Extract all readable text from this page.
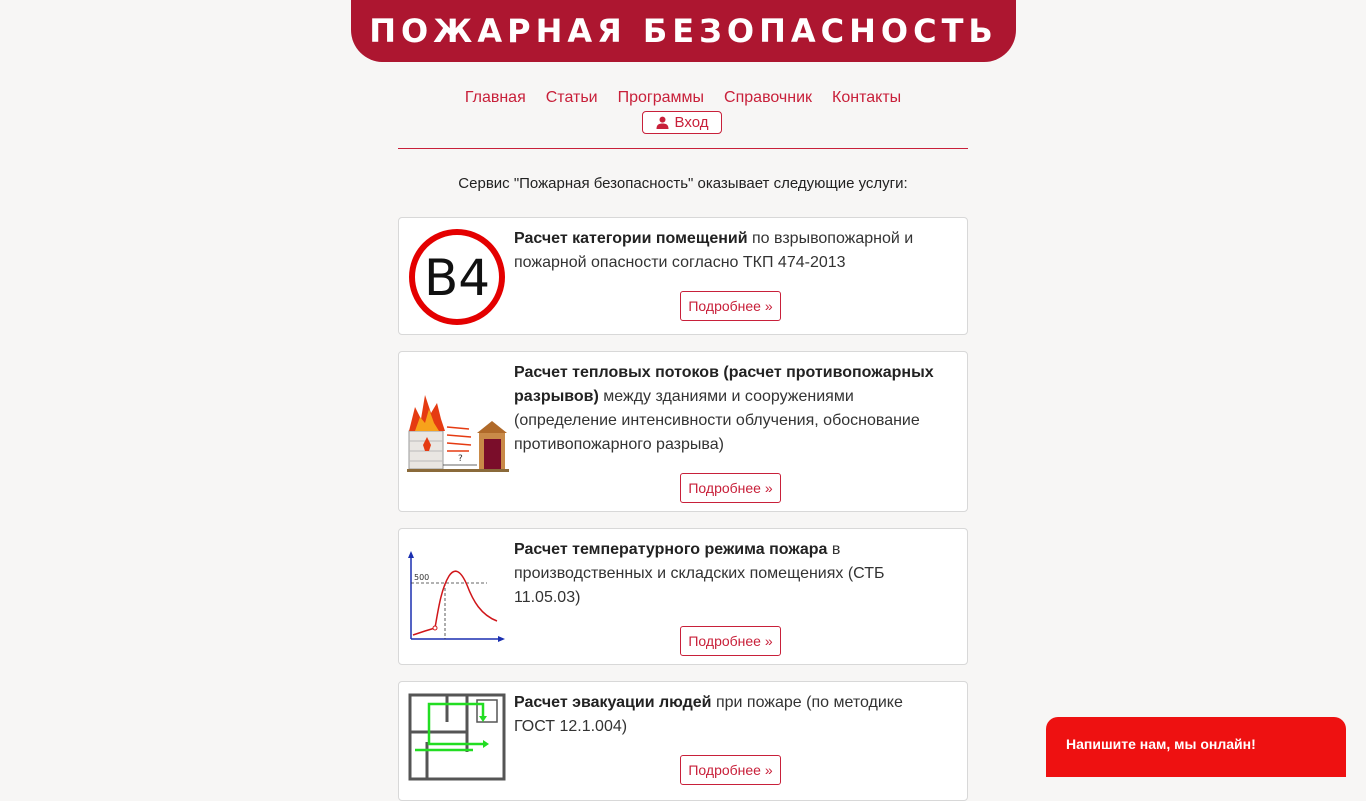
ПОЖАРНАЯ БЕЗОПАСНОСТЬ
Главная Статьи Программы Справочник Контакты
Вход
Сервис "Пожарная безопасность" оказывает следующие услуги:
B4
Расчет категории помещений по взрывопожарной и пожарной опасности согласно ТКП 474-2013
Подробнее »
?
Расчет тепловых потоков (расчет противопожарных разрывов) между зданиями и сооружениями (определение интенсивности облучения, обоснование противопожарного разрыва)
Подробнее »
500
Расчет температурного режима пожара в производственных и складских помещениях (СТБ 11.05.03)
Подробнее »
Расчет эвакуации людей при пожаре (по методике ГОСТ 12.1.004)
Подробнее »
Напишите нам, мы онлайн!
